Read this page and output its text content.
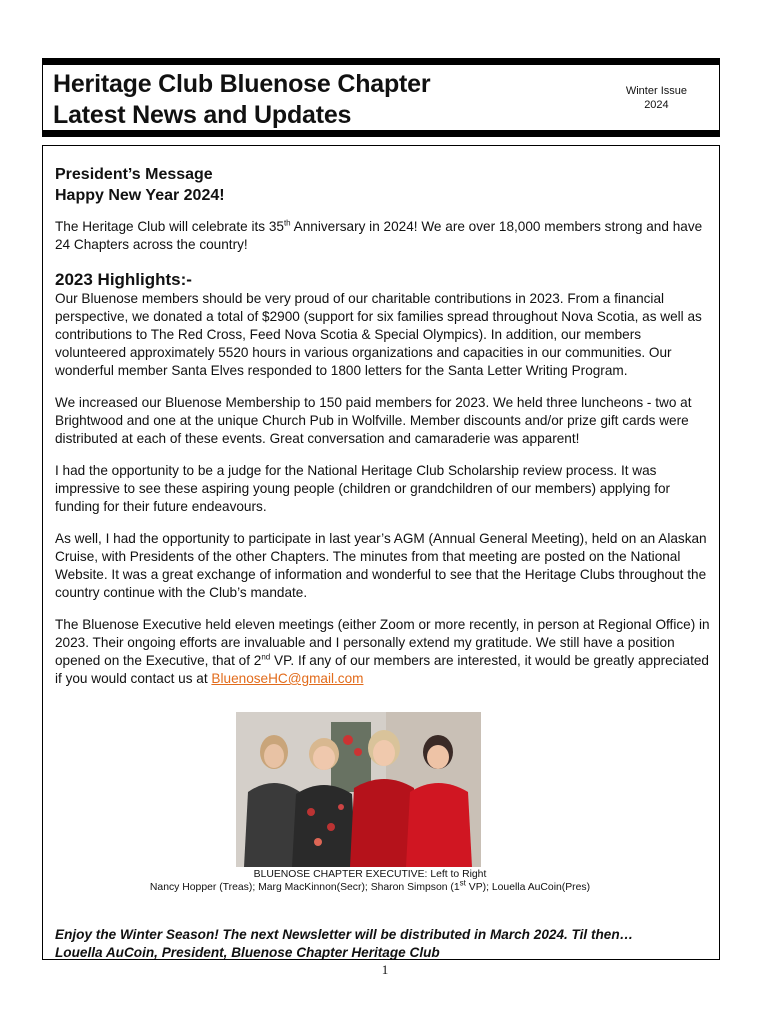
Heritage Club Bluenose Chapter
Latest News and Updates
Winter Issue
2024
President’s Message
Happy New Year 2024!

The Heritage Club will celebrate its 35th Anniversary in 2024! We are over 18,000 members strong and have 24 Chapters across the country!

2023 Highlights:-

Our Bluenose members should be very proud of our charitable contributions in 2023. From a financial perspective, we donated a total of $2900 (support for six families spread throughout Nova Scotia, as well as contributions to The Red Cross, Feed Nova Scotia & Special Olympics). In addition, our members volunteered approximately 5520 hours in various organizations and capacities in our communities. Our wonderful member Santa Elves responded to 1800 letters for the Santa Letter Writing Program.

We increased our Bluenose Membership to 150 paid members for 2023. We held three luncheons - two at Brightwood and one at the unique Church Pub in Wolfville. Member discounts and/or prize gift cards were distributed at each of these events. Great conversation and camaraderie was apparent!

I had the opportunity to be a judge for the National Heritage Club Scholarship review process. It was impressive to see these aspiring young people (children or grandchildren of our members) applying for funding for their future endeavours.

As well, I had the opportunity to participate in last year’s AGM (Annual General Meeting), held on an Alaskan Cruise, with Presidents of the other Chapters. The minutes from that meeting are posted on the National Website. It was a great exchange of information and wonderful to see that the Heritage Clubs throughout the country continue with the Club’s mandate.

The Bluenose Executive held eleven meetings (either Zoom or more recently, in person at Regional Office) in 2023. Their ongoing efforts are invaluable and I personally extend my gratitude. We still have a position opened on the Executive, that of 2nd VP. If any of our members are interested, it would be greatly appreciated if you would contact us at BluenoseHC@gmail.com

BLUENOSE CHAPTER EXECUTIVE: Left to Right
Nancy Hopper (Treas); Marg MacKinnon(Secr); Sharon Simpson (1st VP); Louella AuCoin(Pres)
Enjoy the Winter Season! The next Newsletter will be distributed in March 2024. Til then…
Louella AuCoin, President, Bluenose Chapter Heritage Club
1
